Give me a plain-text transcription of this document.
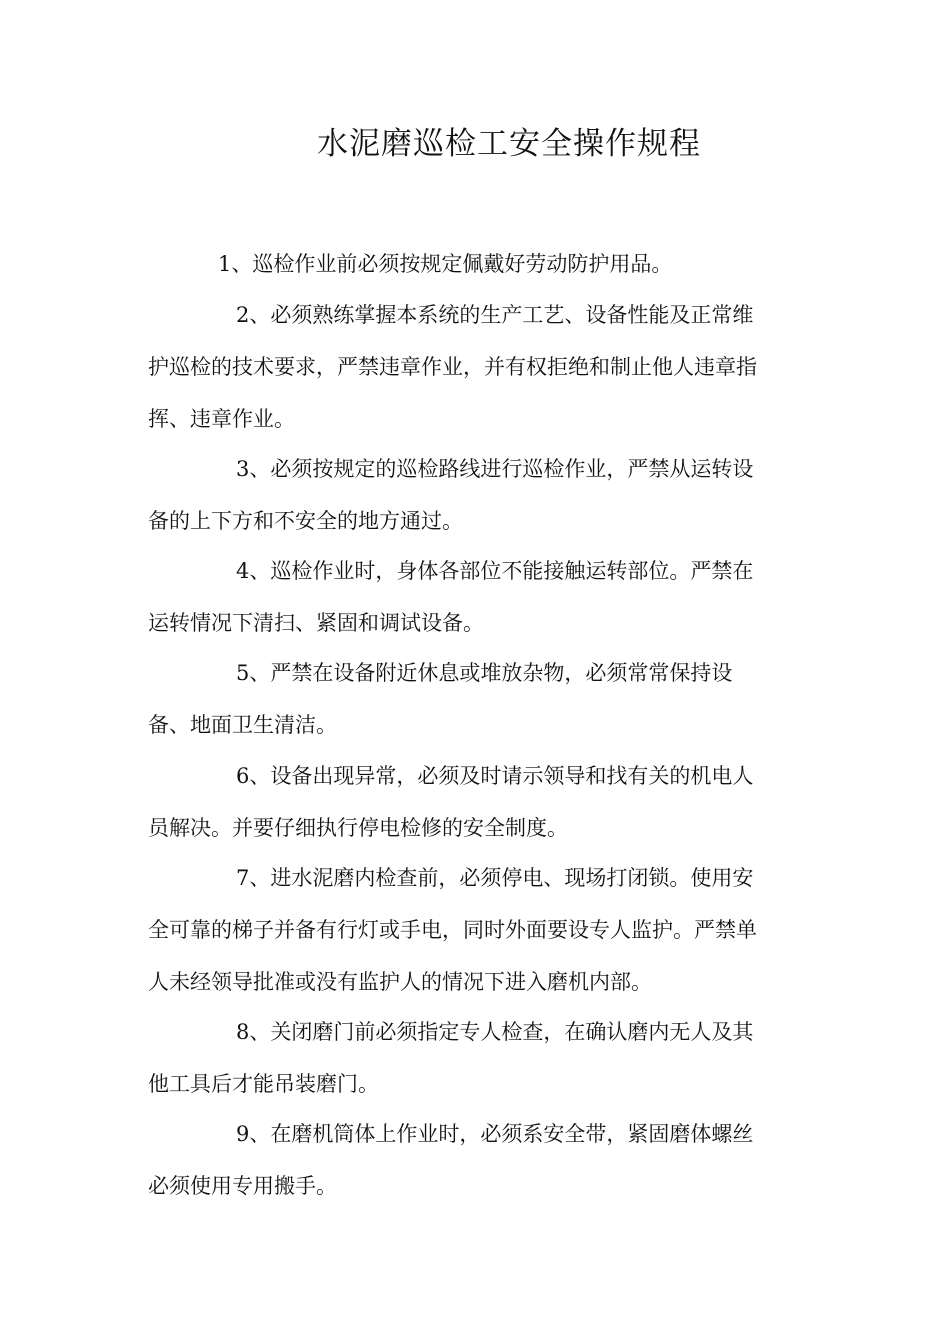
水泥磨巡检工安全操作规程
1、巡检作业前必须按规定佩戴好劳动防护用品。
2、必须熟练掌握本系统的生产工艺、设备性能及正常维
护巡检的技术要求，严禁违章作业，并有权拒绝和制止他人违章指
挥、违章作业。
3、必须按规定的巡检路线进行巡检作业，严禁从运转设
备的上下方和不安全的地方通过。
4、巡检作业时，身体各部位不能接触运转部位。严禁在
运转情况下清扫、紧固和调试设备。
5、严禁在设备附近休息或堆放杂物，必须常常保持设
备、地面卫生清洁。
6、设备出现异常，必须及时请示领导和找有关的机电人
员解决。并要仔细执行停电检修的安全制度。
7、进水泥磨内检查前，必须停电、现场打闭锁。使用安
全可靠的梯子并备有行灯或手电，同时外面要设专人监护。严禁单
人未经领导批准或没有监护人的情况下进入磨机内部。
8、关闭磨门前必须指定专人检查，在确认磨内无人及其
他工具后才能吊装磨门。
9、在磨机筒体上作业时，必须系安全带，紧固磨体螺丝
必须使用专用搬手。
